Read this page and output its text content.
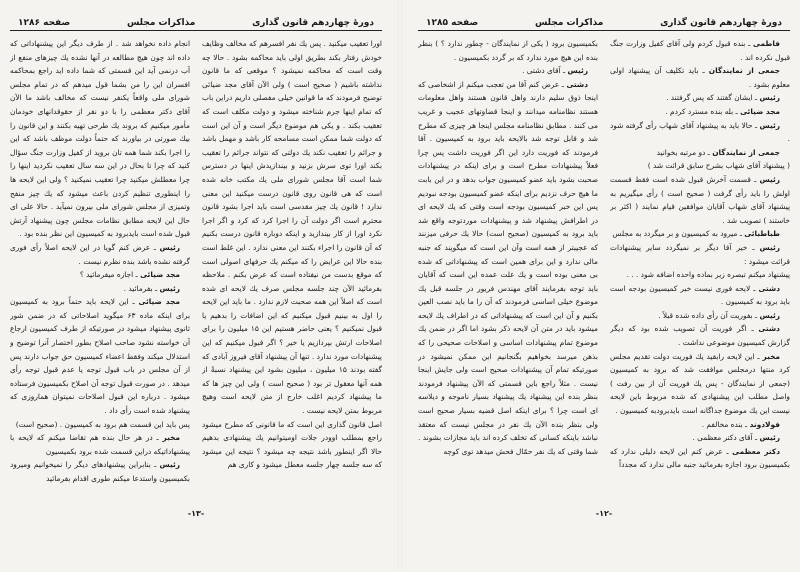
دورهٔ چهاردهم قانون گذاری
مذاکرات مجلس
صفحه ۱۲۸۶

اورا تعقیب میکنید . پس یك نفر افسرهم که مخالف وظایف خودش رفتار بکند بطریق اولی باید محاکمه بشود . حالا چه وقت است که محاکمه نمیشود ؟ موقعی که ما قانون نداشته باشیم ( صحیح است ) ولی الآن آقای مجد ضیائی توضیح فرمودند که ما قوانین خیلی مفصلی داریم دراین باب که تمام اینها جرم شناخته میشود و دولت مکلف است که تعقیب بکند . و یکی هم موضوع دیگر است و آن این است که دولت شما ممکن است مسامحه کار باشد و مهمل باشد و جرائم را تعقیب نکند یك دولتی که نتواند جرائم را تعقیب بکند اورا توی سرش بزنید و بیندازیدش اینها در دسترس شما است آقا مجلس شورای ملی یك مکتب خانه شده است که هی قانون روی قانون درست میکنید این معنی ندارد ! قانون یك چیز مقدسی است باید اجرا بشود قانون محترم است اگر دولت آن را اجرا کرد که کرد و اگر اجرا نکرد اورا از کار بیندازید و اینکه دوباره قانون درست بکنیم که آن قانون را اجراء بکنند این معنی ندارد . این غلط است بنده حالا این عرایض را که میکنم یك حرفهای اصولی است که موقع بدست من نیفتاده است که عرض بکنم . ملاحظه بفرمائید الآن چند جلسه مجلس صرف یك لایحه ای شده است که اصلاً این همه صحبت لازم ندارد . ما باید این لایحه را اول به بینیم قبول میکنیم که این اضافات را بدهیم یا قبول نمیکنیم ؟ یعنی حاضر هستیم این ۱۵ میلیون را برای اصلاحات ارتش بپردازیم یا خیر ؟ اگر قبول میکنیم که این پیشنهادات مورد ندارد . تنها آن پیشنهاد آقای فیروز آبادی که گفته بودند ۱۵ میلیون ، میلیون بشود این پیشنهاد نسبةً از همه آنها معقول تر بود ( صحیح است ) ولی این چیز ها که ما پیشنهاد کردیم اغلب خارج از متن لایحه است وهیچ مربوط بمتن لایحه نیست .

اصل قانون گذاری این است که ما قانونی که مطرح میشود راجع بمطلب اوودر جلات اومیتوانیم یك پیشنهادی بدهیم حالا اگر اینطور باشد نتیجه چه میشود ؟ نتیجه این میشود که سه جلسه چهار جلسه معطل میشود و کاری هم

انجام داده نخواهد شد . از طرف دیگر این پیشنهاداتی که داده اند چون هیچ مطالعه در آنها نشده یك چیزهای منفع از آب درنمی آید این قسمتی که شما داده اید راجع بمحاکمه افسران این را من بشما قول میدهم که در تمام مجلس شورای ملی واقعاً یکنفر نیست که مخالف باشد ما الآن آقای دکتر معظمی را با دو نفر از حقوقدانهای خودمان مأمور میکنیم که بروند یك طرحی تهیه بکنند و این قانون را بیك صورتی در بیاورند که حتماً دولت موظف باشد که این را اجرا بکند شما همه تان بروید از کفیل وزارت جنگ سؤال کنید که چرا تا بحال در این سه سال تعقیب نکردید اینها را چرا معطلش میکنید چرا تعقیب نمیکنید ؟ ولی این لایحه ها را اینطوری تنظیم کردن باعث میشود که یك چیز منفح وتمیزی از مجلس شورای ملی بیرون نمیآید . حالا علی ای حال این لایحه مطابق نظامات مجلس چون پیشنهاد آرتش قبول شده است بایدبرود به کمیسیون این نظر بنده بود .

رئیس ـ عرض کنم گویا در این لایحه اصلاً رأی فوری گرفته نشده باشد بنده نظرم نیست .

مجد ضیائی ـ اجازه میفرمائید ؟

رئیس ـ بفرمائید .

مجد ضیائی ـ این لایحه باید حتماً برود به کمیسیون برای اینکه ماده ۶۳ میگوید اصلاحاتی که در ضمن شور ثانوی پیشنهاد میشود در صورتیکه از طرف کمیسیون ارجاع آن خواسته نشود صاحب اصلاح بطور اختصار آنرا توضیح و استدلال میکند وفقط اعضاء کمیسیون حق جواب دارند پس از آن مجلس در باب قبول توجه یا عدم قبول توجه رأی میدهد . در صورت قبول توجه آن اصلاح بکمیسیون فرستاده میشود . درباره این قبول اصلاحات نمیتوان هماروزی که پیشنهاد شده است رأی داد .

پس باید این قسمت هم برود به کمیسیون . (صحیح است)

مخبر ـ در هر حال بنده هم تقاضا میکنم که لایحه با پیشنهاداتیکه دراین قسمت شده برود بکمیسیون

رئیس ـ بنابراین پیشنهادهای دیگر را نمیخوانیم ومیرود بکمیسیون واستدعا میکنم طوری اقدام بفرمائید

-۱۳-
دورهٔ چهاردهم قانون گذاری
مذاکرات مجلس
صفحه ۱۲۸۵

فاطمی ـ بنده قبول کردم ولی آقای کفیل وزارت جنگ قبول نکرده اند .

جمعی از نمایندگان ـ باید تکلیف آن پیشنهاد اولی معلوم بشود .

رئیس ـ ایشان گفتند که پس گرفتند .

مجد ضیائی ـ بله بنده مسترد کردم .

رئیس ـ حالا باید به پیشنهاد آقای شهاب رأی گرفته شود .

جمعی از نمایندگان ـ دو مرتبه بخوانید

( پیشنهاد آقای شهاب بشرح سابق قرائت شد )

رئیس ـ قسمت آخرش قبول شده است فقط قسمت اولش را باید رأی گرفت ( صحیح است ) رأی میگیریم به پیشنهاد آقای شهاب آقایان موافقین قیام نمایند ( اکثر بر خاستند ) تصویب شد .

طباطبائی ـ میرود به کمیسیون و بر میگردد به مجلس

رئیس ـ خیر آقا دیگر بر نمیگردد سایر پیشنهادات قرائت میشود :

پیشنهاد میکنم تبصره زیر بماده واحده اضافه شود . . .

دشتی ـ لایحه فوری نیست خبر کمیسیون بودجه است باید برود به کمیسیون .

رئیس ـ بفوریت آن رأی داده شده قبلاً .

دشتی ـ اگر فوریت آن تصویب شده بود که دیگر گزارش کمیسیون موضوعی نداشت .

مخبر ـ این لایحه رابقید یك فوریت دولت تقدیم مجلس کرد منتها درمجلس موافقت شد که برود به کمیسیون (جمعی از نمایندگان - پس یك فوریت آن از بین رفت ) واصل مطلب این پیشنهادی که شده مربوط باین لایحه نیست این یك موضوع جداگانه است بایدبرودبه کمیسیون .

فولادوند ـ بنده مخالفم .

رئیس ـ آقای دکتر معظمی .

دکتر معظمی ـ عرض کنم این لایحه دلیلی ندارد که بکمیسیون برود اجازه بفرمائید جنبه مالی ندارد که مجدداً

بکمیسیون برود ( یکی از نمایندگان - چطور ندارد ؟ ) بنظر بنده این هیچ مورد ندارد که بر گردد بکمیسیون .

رئیس ـ آقای دشتی .

دشتی ـ عرض کنم آقا من تعجب میکنم از اشخاصی که اینجا ذوق سلیم دارند واهل قانون هستند واهل معلومات هستند نظامنامه میدانند و اینجا قضاوتهای عجیب و غریب می کنند . مطابق نظامنامه مجلس اینجا هر چیزی که مطرح شد و قابل توجه شد بالایحه باید برود به کمیسیون . آقا فرمودند که فوریت دارد این اگر فوریت داشت پس چرا فعلاً پیشنهادات مطرح است و برای اینکه در پیشنهادات صحبت بشود باید عضو کمیسیون جواب بدهد و در این بابت ما هیچ حرف نزدیم برای اینکه عضو کمیسیون بودجه نبودیم پس این خبر کمیسیون بودجه است وقتی که یك لایحه ای در اطرافش پیشنهاد شد و پیشنهادات موردتوجه واقع شد باید برود به کمیسیون (صحیح است) حالا یك حرفی میزنند که عجیبتر از همه است وآن این است که میگویند که جنبه مالی ندارد و این برای همین است که پیشنهاداتی که شده بی معنی بوده است و یك علت عمده این است که آقایان باید توجه بفرمایند آقای مهندس فریور در جلسه قبل یك موضوع خیلی اساسی فرمودند که آن را ما باید نصب العین بکنیم و آن این است که پیشنهاداتی که در اطراف یك لایحه میشود باید در متن آن لایحه ذکر بشود اما اگر در ضمن یك موضوع تمام پیشنهادات اساسی و اصلاحات صحیحی را که بذهن میرسد بخواهیم بگنجانیم این ممکن نمیشود در صورتیکه تمام آن پیشنهادات صحیح است ولی جایش اینجا نیست . مثلاً راجع باین قسمتی که الآن پیشنهاد فرمودند بنظر بنده این پیشنهاد یك پیشنهاد بسیار ناموجه و دیلاسه ای است چرا ؟ برای اینکه اصل قضیه بسیار صحیح است ولی بنظر بنده الآن یك نفر در مجلس نیست که معتقد نباشد باینکه کسانی که تخلف کرده اند باید مجازات بشوند . شما وقتی که یك نفر حمّال فحش میدهد توی کوچه

-۱۲-
